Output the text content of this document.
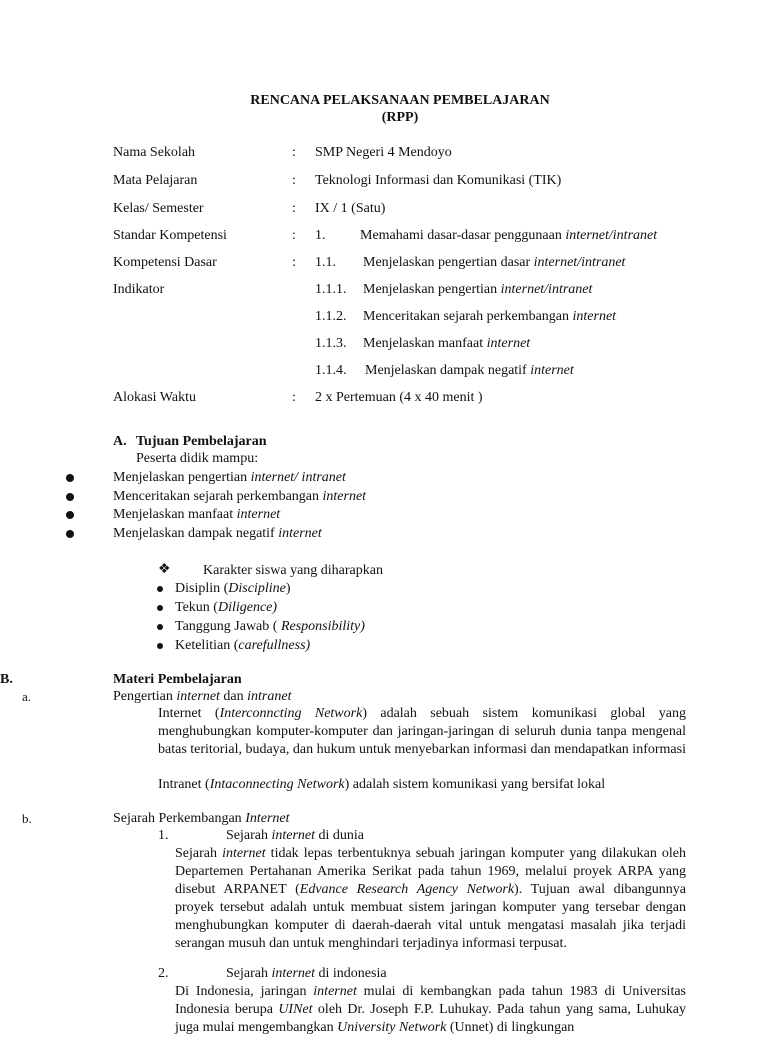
RENCANA PELAKSANAAN PEMBELAJARAN
(RPP)
Nama Sekolah	: SMP Negeri 4 Mendoyo
Mata Pelajaran	: Teknologi Informasi dan Komunikasi (TIK)
Kelas/ Semester	: IX / 1 (Satu)
Standar Kompetensi	: 1. Memahami dasar-dasar penggunaan internet/intranet
Kompetensi Dasar	: 1.1. Menjelaskan pengertian dasar internet/intranet
Indikator	1.1.1. Menjelaskan pengertian internet/intranet
1.1.2. Menceritakan sejarah perkembangan internet
1.1.3. Menjelaskan manfaat internet
1.1.4. Menjelaskan dampak negatif internet
Alokasi Waktu	: 2 x Pertemuan (4 x 40 menit )
A. Tujuan Pembelajaran
Peserta didik mampu:
Menjelaskan pengertian internet/ intranet
Menceritakan sejarah perkembangan internet
Menjelaskan manfaat internet
Menjelaskan dampak negatif internet
❖ Karakter siswa yang diharapkan
Disiplin (Discipline)
Tekun (Diligence)
Tanggung Jawab ( Responsibility)
Ketelitian (carefullness)
B.	Materi Pembelajaran
a.	Pengertian internet dan intranet
Internet (Interconncting Network) adalah sebuah sistem komunikasi global yang menghubungkan komputer-komputer dan jaringan-jaringan di seluruh dunia tanpa mengenal batas teritorial, budaya, dan hukum untuk menyebarkan informasi dan mendapatkan informasi
Intranet (Intaconnecting Network) adalah sistem komunikasi yang bersifat lokal
b.	Sejarah Perkembangan Internet
1.	Sejarah internet di dunia
Sejarah internet tidak lepas terbentuknya sebuah jaringan komputer yang dilakukan oleh Departemen Pertahanan Amerika Serikat pada tahun 1969, melalui proyek ARPA yang disebut ARPANET (Edvance Research Agency Network). Tujuan awal dibangunnya proyek tersebut adalah untuk membuat sistem jaringan komputer yang tersebar dengan menghubungkan komputer di daerah-daerah vital untuk mengatasi masalah jika terjadi serangan musuh dan untuk menghindari terjadinya informasi terpusat.
2.	Sejarah internet di indonesia
Di Indonesia, jaringan internet mulai di kembangkan pada tahun 1983 di Universitas Indonesia berupa UINet oleh Dr. Joseph F.P. Luhukay. Pada tahun yang sama, Luhukay juga mulai mengembangkan University Network (Unnet) di lingkungan
